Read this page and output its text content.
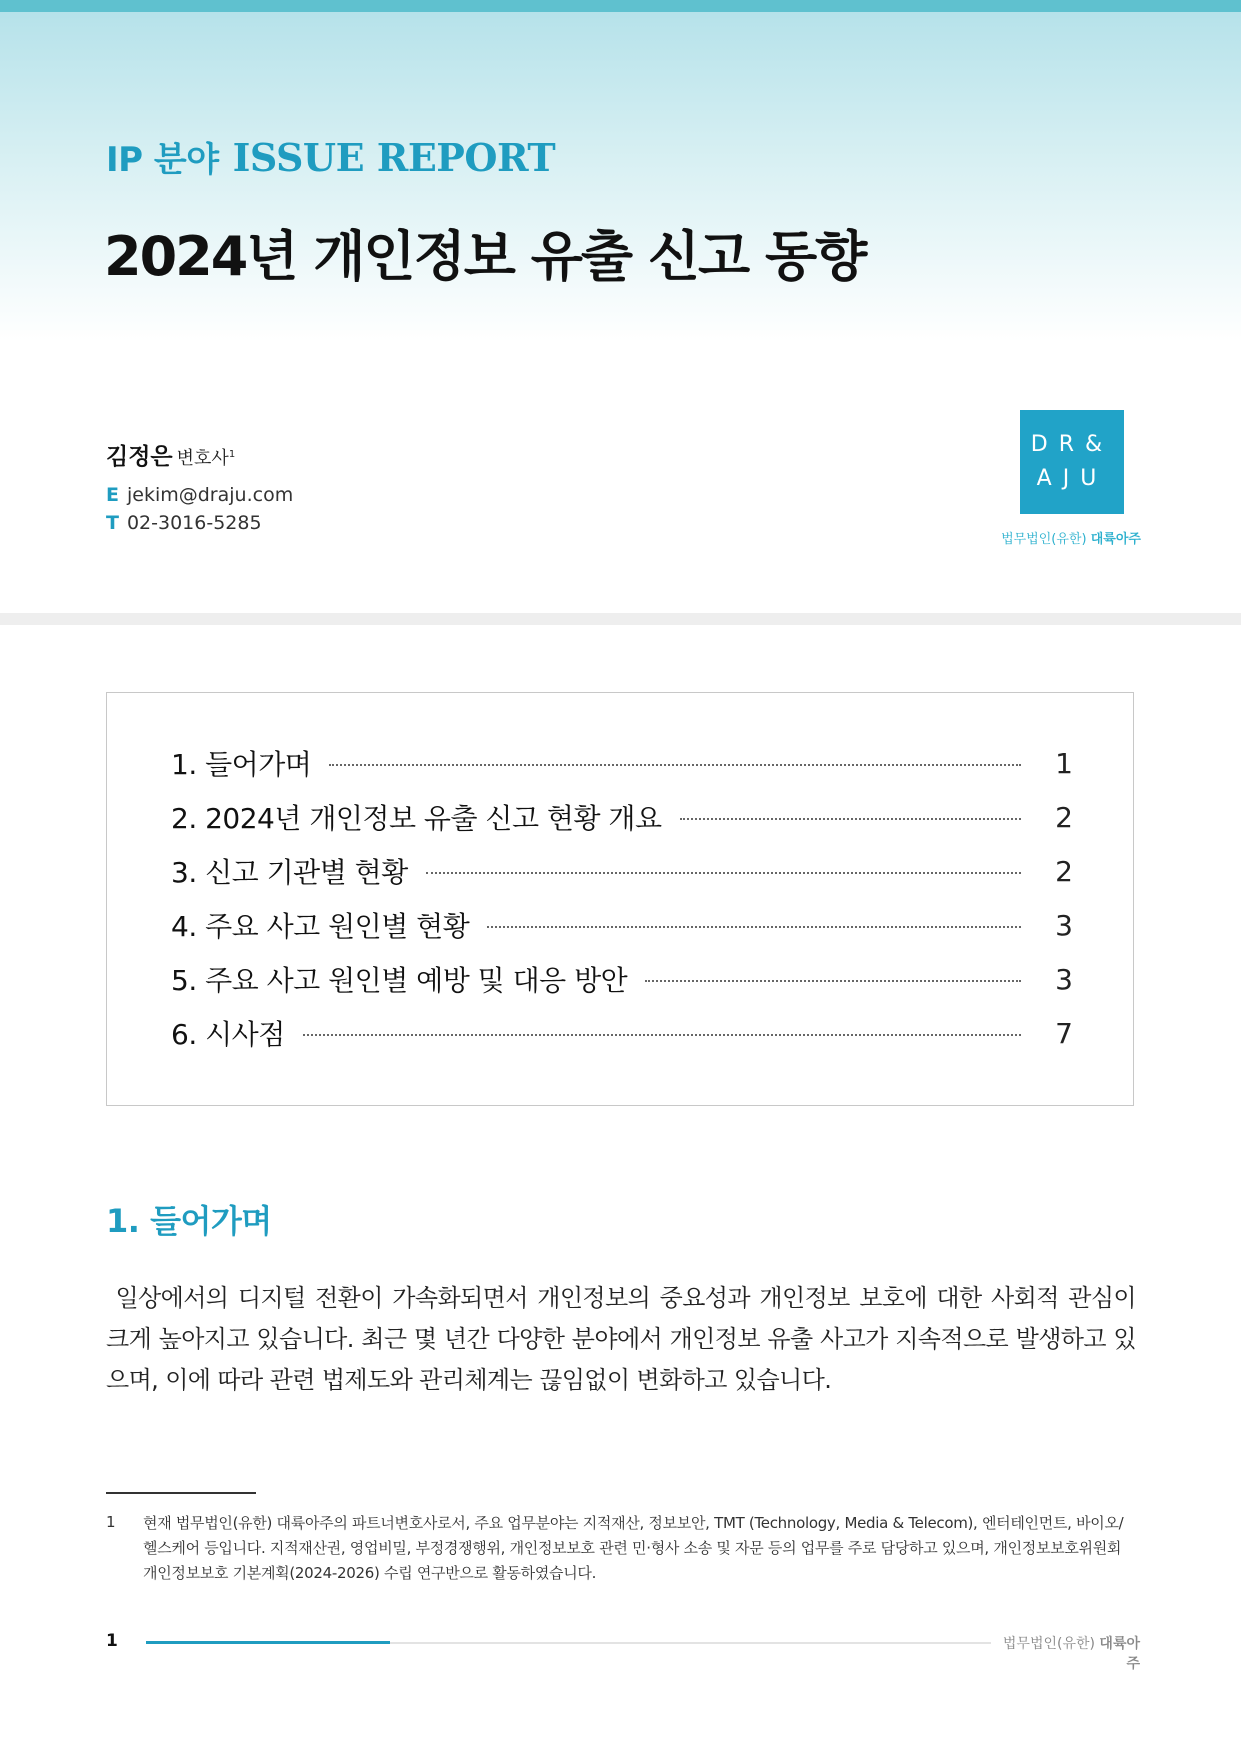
IP 분야 ISSUE REPORT
2024년 개인정보 유출 신고 동향
김정은 변호사$^1$
E jekim@draju.com
T 02-3016-5285
DR&
AJU
법무법인(유한) 대륙아주
1. 들어가며	1
2. 2024년 개인정보 유출 신고 현황 개요	2
3. 신고 기관별 현황	2
4. 주요 사고 원인별 현황	3
5. 주요 사고 원인별 예방 및 대응 방안	3
6. 시사점	7
1. 들어가며

일상에서의 디지털 전환이 가속화되면서 개인정보의 중요성과 개인정보 보호에 대한 사회적 관심이 크게 높아지고 있습니다. 최근 몇 년간 다양한 분야에서 개인정보 유출 사고가 지속적으로 발생하고 있으며, 이에 따라 관련 법제도와 관리체계는 끊임없이 변화하고 있습니다.

1 현재 법무법인(유한) 대륙아주의 파트너변호사로서, 주요 업무분야는 지적재산, 정보보안, TMT (Technology, Media & Telecom), 엔터테인먼트, 바이오/헬스케어 등입니다. 지적재산권, 영업비밀, 부정경쟁행위, 개인정보보호 관련 민·형사 소송 및 자문 등의 업무를 주로 담당하고 있으며, 개인정보보호위원회 개인정보보호 기본계획(2024-2026) 수립 연구반으로 활동하였습니다.

1	법무법인(유한) 대륙아주
